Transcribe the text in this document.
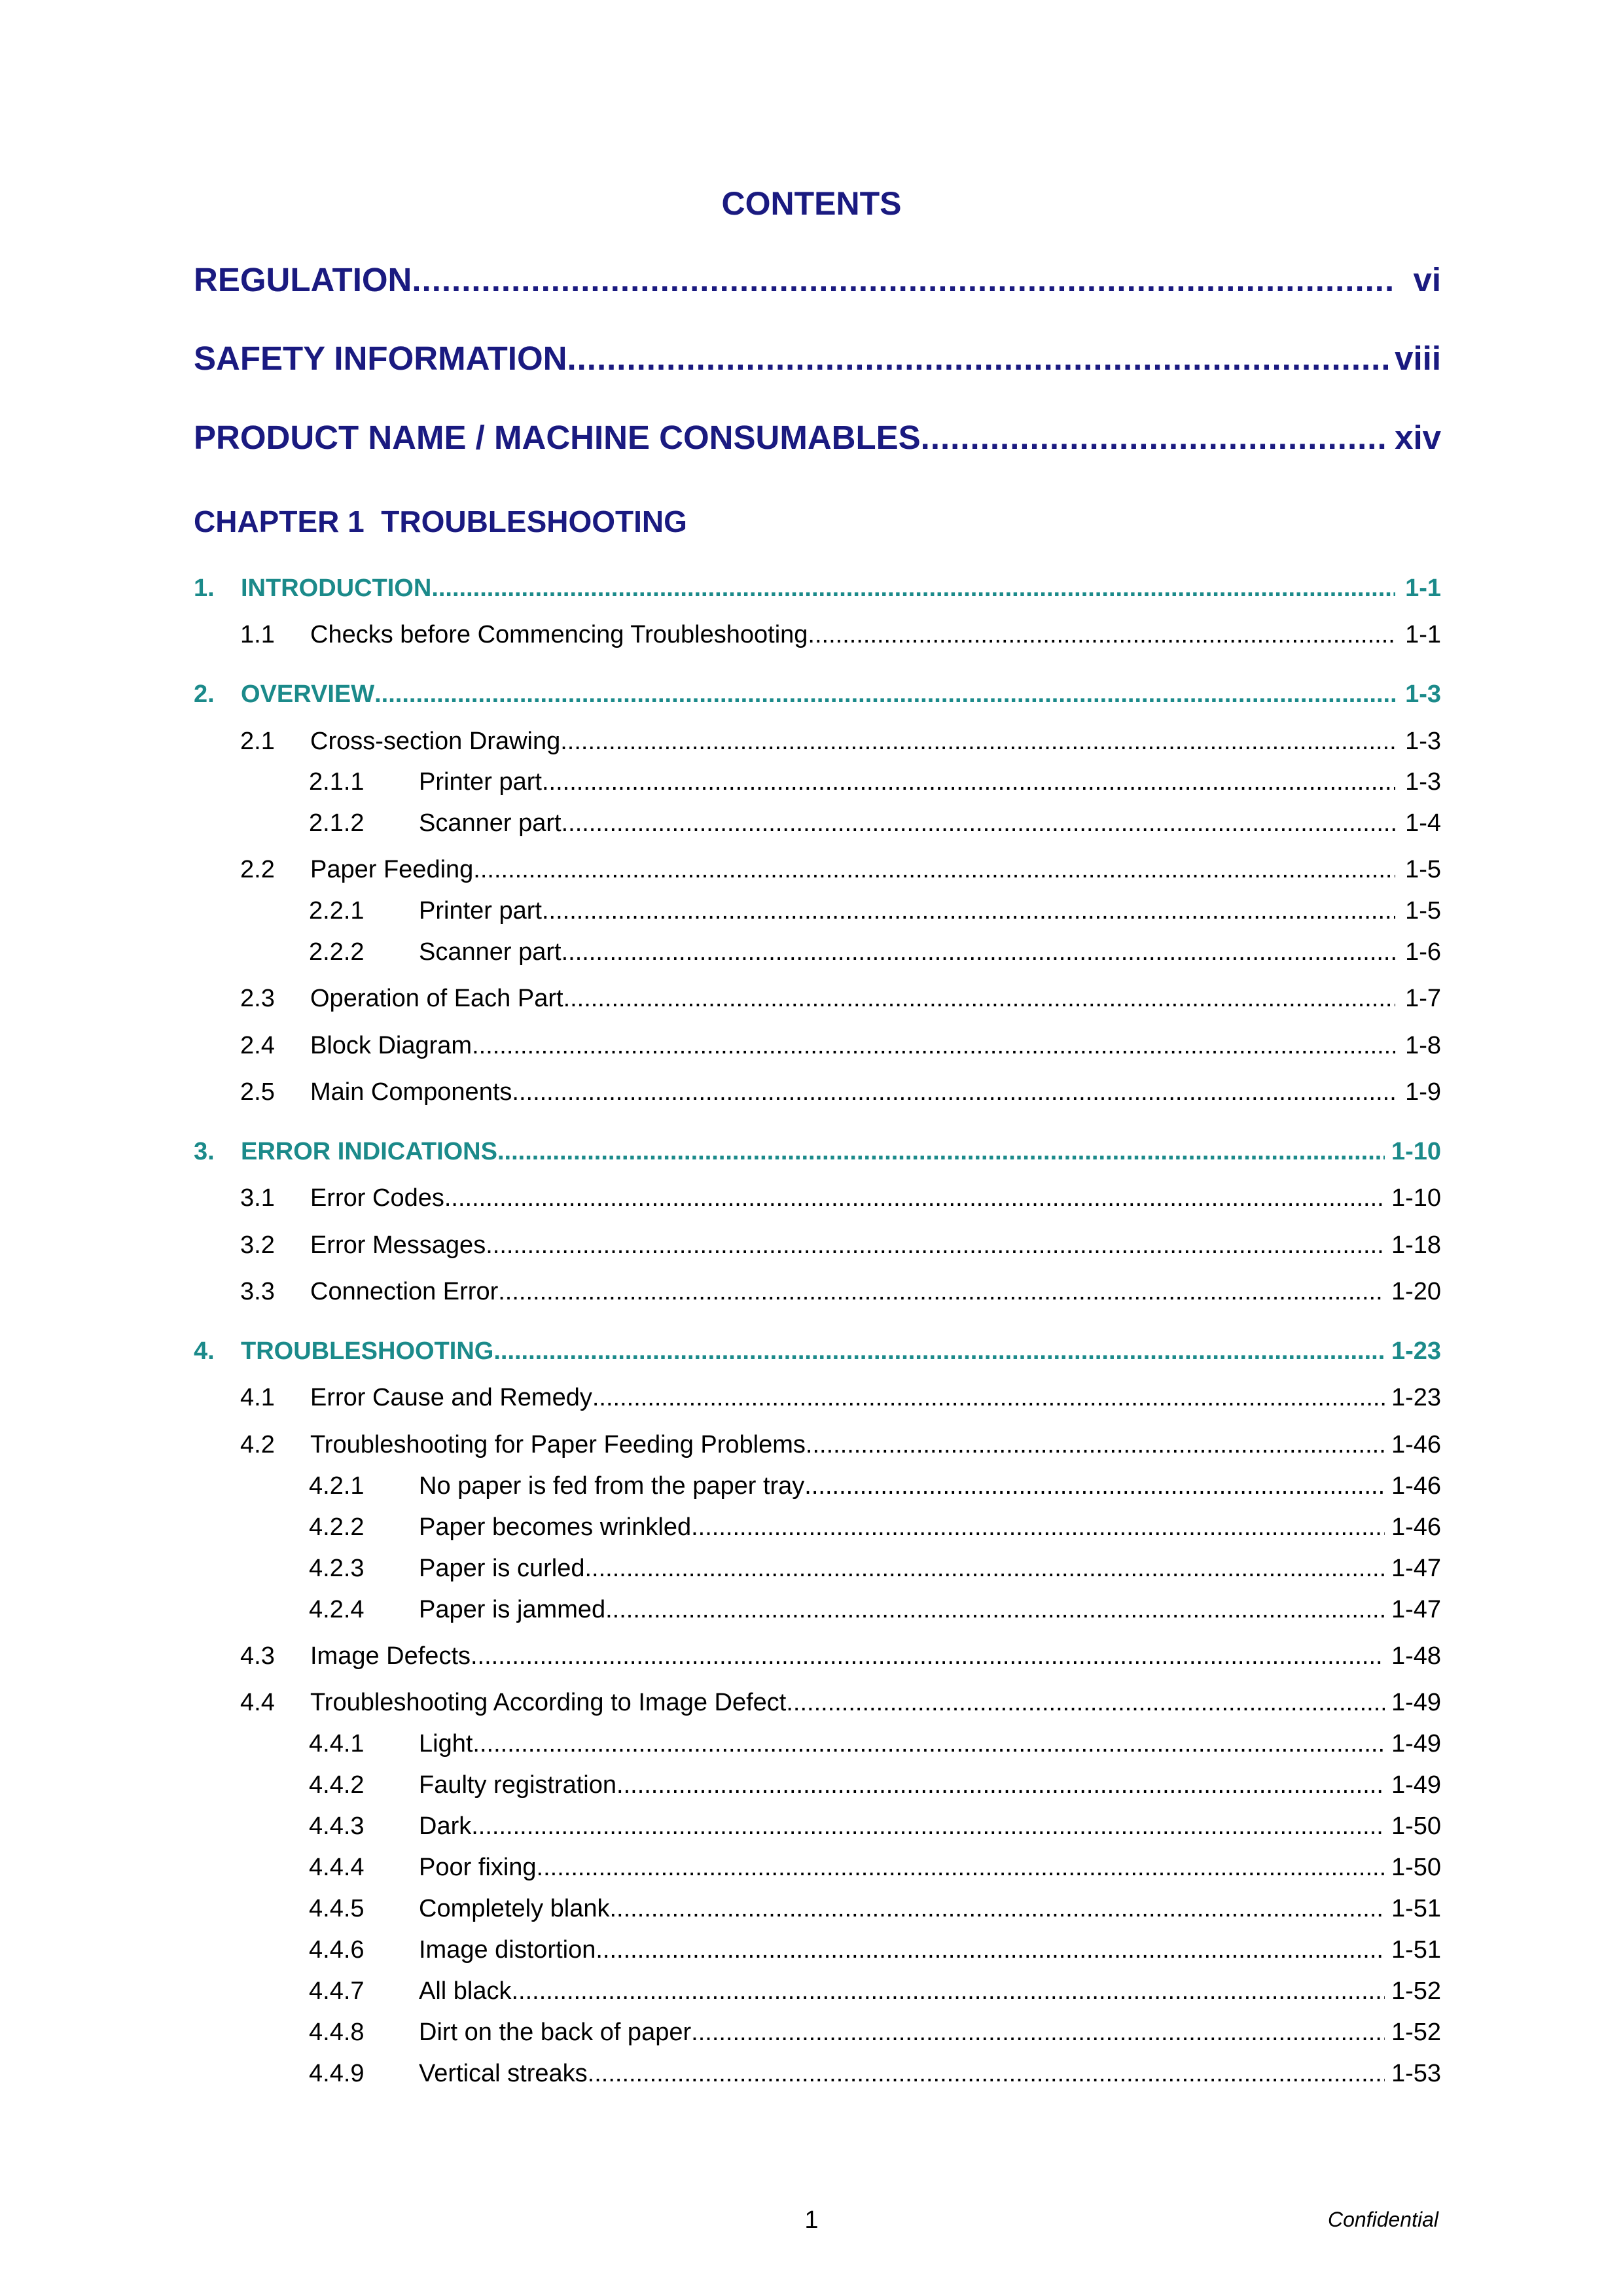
CONTENTS
REGULATION .....	vi
SAFETY INFORMATION .....	viii
PRODUCT NAME / MACHINE CONSUMABLES .....	xiv
CHAPTER 1  TROUBLESHOOTING
1.	INTRODUCTION .....	1-1
1.1	Checks before Commencing Troubleshooting .....	1-1
2.	OVERVIEW .....	1-3
2.1	Cross-section Drawing .....	1-3
2.1.1	Printer part .....	1-3
2.1.2	Scanner part .....	1-4
2.2	Paper Feeding .....	1-5
2.2.1	Printer part .....	1-5
2.2.2	Scanner part .....	1-6
2.3	Operation of Each Part .....	1-7
2.4	Block Diagram .....	1-8
2.5	Main Components .....	1-9
3.	ERROR INDICATIONS .....	1-10
3.1	Error Codes .....	1-10
3.2	Error Messages .....	1-18
3.3	Connection Error .....	1-20
4.	TROUBLESHOOTING .....	1-23
4.1	Error Cause and Remedy .....	1-23
4.2	Troubleshooting for Paper Feeding Problems .....	1-46
4.2.1	No paper is fed from the paper tray .....	1-46
4.2.2	Paper becomes wrinkled .....	1-46
4.2.3	Paper is curled .....	1-47
4.2.4	Paper is jammed .....	1-47
4.3	Image Defects .....	1-48
4.4	Troubleshooting According to Image Defect .....	1-49
4.4.1	Light .....	1-49
4.4.2	Faulty registration .....	1-49
4.4.3	Dark .....	1-50
4.4.4	Poor fixing .....	1-50
4.4.5	Completely blank .....	1-51
4.4.6	Image distortion .....	1-51
4.4.7	All black .....	1-52
4.4.8	Dirt on the back of paper .....	1-52
4.4.9	Vertical streaks .....	1-53
1	Confidential
